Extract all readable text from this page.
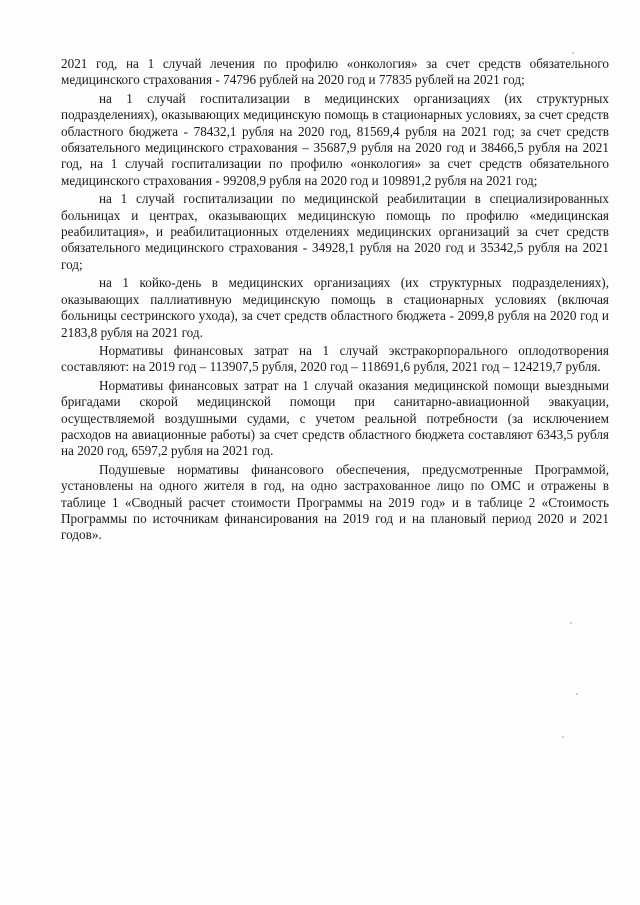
2021 год, на 1 случай лечения по профилю «онкология» за счет средств обязательного медицинского страхования - 74796 рублей на 2020 год и 77835 рублей на 2021 год;

на 1 случай госпитализации в медицинских организациях (их структурных подразделениях), оказывающих медицинскую помощь в стационарных условиях, за счет средств областного бюджета - 78432,1 рубля на 2020 год, 81569,4 рубля на 2021 год; за счет средств обязательного медицинского страхования – 35687,9 рубля на 2020 год и 38466,5 рубля на 2021 год, на 1 случай госпитализации по профилю «онкология» за счет средств обязательного медицинского страхования - 99208,9 рубля на 2020 год и 109891,2 рубля на 2021 год;

на 1 случай госпитализации по медицинской реабилитации в специализированных больницах и центрах, оказывающих медицинскую помощь по профилю «медицинская реабилитация», и реабилитационных отделениях медицинских организаций за счет средств обязательного медицинского страхования - 34928,1 рубля на 2020 год и 35342,5 рубля на 2021 год;

на 1 койко-день в медицинских организациях (их структурных подразделениях), оказывающих паллиативную медицинскую помощь в стационарных условиях (включая больницы сестринского ухода), за счет средств областного бюджета - 2099,8 рубля на 2020 год и 2183,8 рубля на 2021 год.

Нормативы финансовых затрат на 1 случай экстракорпорального оплодотворения составляют: на 2019 год – 113907,5 рубля, 2020 год – 118691,6 рубля, 2021 год – 124219,7 рубля.

Нормативы финансовых затрат на 1 случай оказания медицинской помощи выездными бригадами скорой медицинской помощи при санитарно-авиационной эвакуации, осуществляемой воздушными судами, с учетом реальной потребности (за исключением расходов на авиационные работы) за счет средств областного бюджета составляют 6343,5 рубля на 2020 год, 6597,2 рубля на 2021 год.

Подушевые нормативы финансового обеспечения, предусмотренные Программой, установлены на одного жителя в год, на одно застрахованное лицо по ОМС и отражены в таблице 1 «Сводный расчет стоимости Программы на 2019 год» и в таблице 2 «Стоимость Программы по источникам финансирования на 2019 год и на плановый период 2020 и 2021 годов».
